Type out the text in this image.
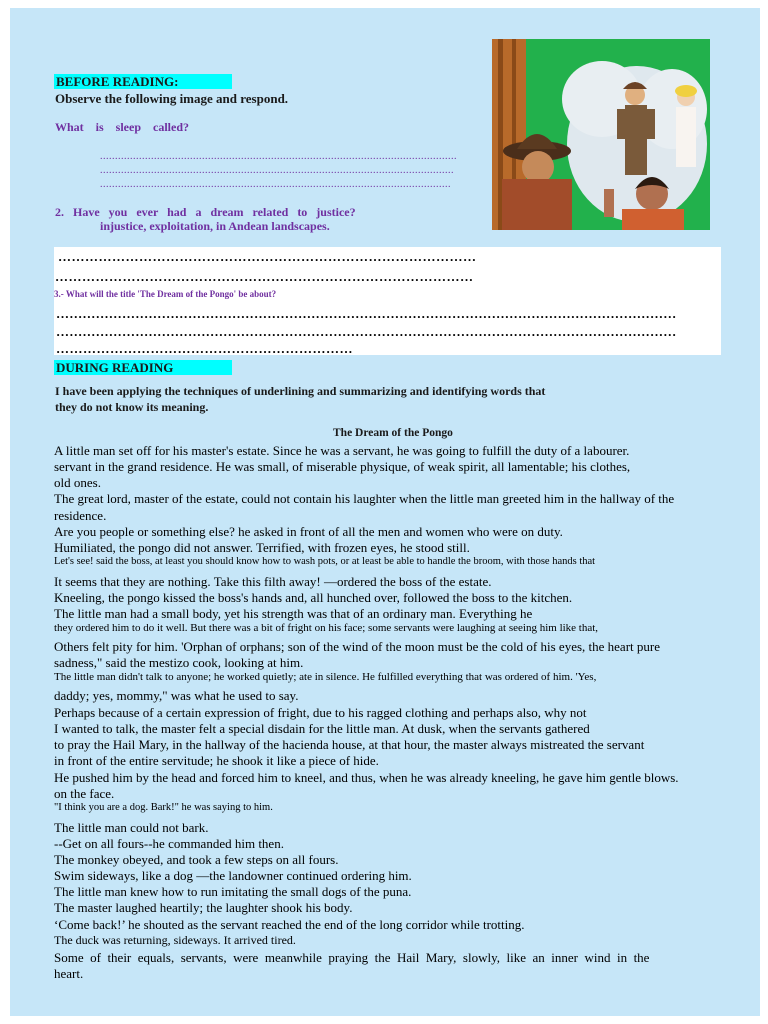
BEFORE READING:
Observe the following image and respond.
What    is    sleep    called?
.......................................................................................................................
......................................................................................................................
.....................................................................................................................
2.   Have   you   ever   had   a   dream   related   to   justice?
injustice, exploitation, in Andean landscapes.
…………………………………………………………………………………
…………………………………………………………………………………
3.- What will the title 'The Dream of the Pongo' be about?
……………………………………………………………………………………………………………………………
……………………………………………………………………………………………………………………………
…………………………………………………………
DURING READING
I have been applying the techniques of underlining and summarizing and identifying words that
they do not know its meaning.
The Dream of the Pongo
A little man set off for his master's estate. Since he was a servant, he was going to fulfill the duty of a labourer.
servant in the grand residence. He was small, of miserable physique, of weak spirit, all lamentable; his clothes,
old ones.
The great lord, master of the estate, could not contain his laughter when the little man greeted him in the hallway of the
residence.
Are you people or something else? he asked in front of all the men and women who were on duty.
Humiliated, the pongo did not answer. Terrified, with frozen eyes, he stood still.
Let's see! said the boss, at least you should know how to wash pots, or at least be able to handle the broom, with those hands that
It seems that they are nothing. Take this filth away! —ordered the boss of the estate.
Kneeling, the pongo kissed the boss's hands and, all hunched over, followed the boss to the kitchen.
The little man had a small body, yet his strength was that of an ordinary man. Everything he
they ordered him to do it well. But there was a bit of fright on his face; some servants were laughing at seeing him like that,
Others felt pity for him. 'Orphan of orphans; son of the wind of the moon must be the cold of his eyes, the heart pure
sadness," said the mestizo cook, looking at him.
The little man didn't talk to anyone; he worked quietly; ate in silence. He fulfilled everything that was ordered of him. 'Yes,
daddy; yes, mommy," was what he used to say.
Perhaps because of a certain expression of fright, due to his ragged clothing and perhaps also, why not
I wanted to talk, the master felt a special disdain for the little man. At dusk, when the servants gathered
to pray the Hail Mary, in the hallway of the hacienda house, at that hour, the master always mistreated the servant
in front of the entire servitude; he shook it like a piece of hide.
He pushed him by the head and forced him to kneel, and thus, when he was already kneeling, he gave him gentle blows.
on the face.
"I think you are a dog. Bark!" he was saying to him.
The little man could not bark.
--Get on all fours--he commanded him then.
The monkey obeyed, and took a few steps on all fours.
Swim sideways, like a dog —the landowner continued ordering him.
The little man knew how to run imitating the small dogs of the puna.
The master laughed heartily; the laughter shook his body.
‘Come back!’ he shouted as the servant reached the end of the long corridor while trotting.
The duck was returning, sideways. It arrived tired.
Some  of  their  equals,  servants,  were  meanwhile  praying  the  Hail  Mary,  slowly,  like  an  inner  wind  in  the
heart.
